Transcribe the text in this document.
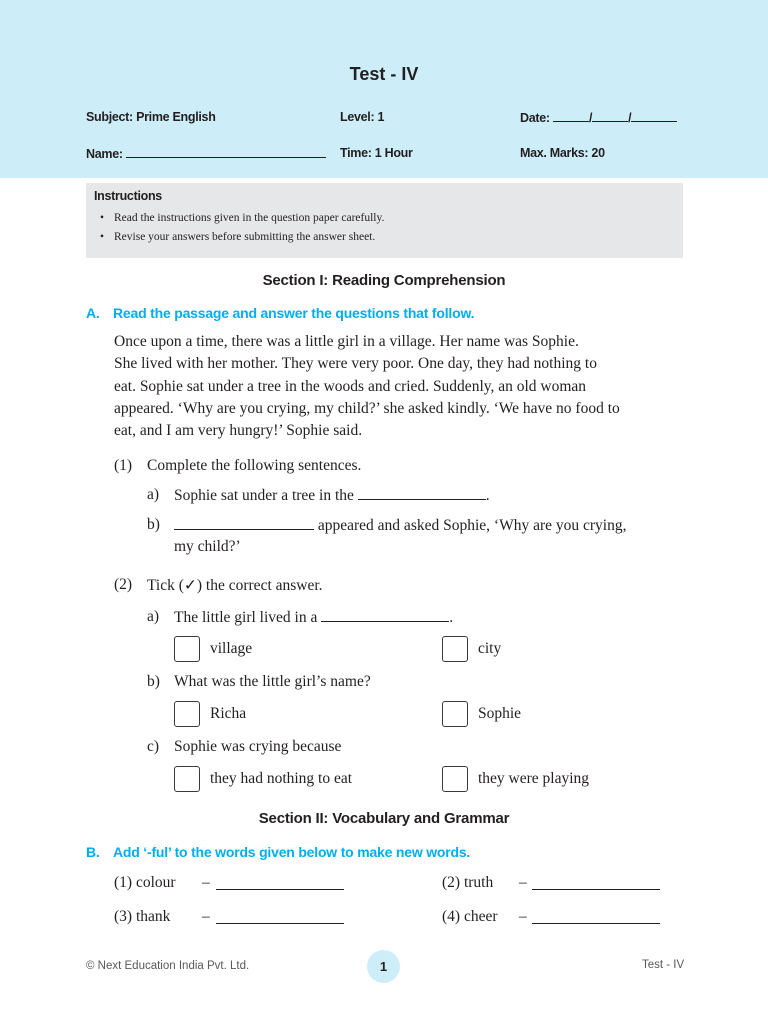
Test - IV
Subject: Prime English	Level: 1	Date:	/	/
Name:	Time: 1 Hour	Max. Marks: 20
Instructions
• Read the instructions given in the question paper carefully.
• Revise your answers before submitting the answer sheet.
Section I: Reading Comprehension
A. Read the passage and answer the questions that follow.
Once upon a time, there was a little girl in a village. Her name was Sophie.
She lived with her mother. They were very poor. One day, they had nothing to
eat. Sophie sat under a tree in the woods and cried. Suddenly, an old woman
appeared. ‘Why are you crying, my child?’ she asked kindly. ‘We have no food to
eat, and I am very hungry!’ Sophie said.
(1) Complete the following sentences.
a) Sophie sat under a tree in the	.
b)	appeared and asked Sophie, ‘Why are you crying,
my child?’
(2) Tick (✓) the correct answer.
a) The little girl lived in a	.
village	city
b) What was the little girl’s name?
Richa	Sophie
c) Sophie was crying because
they had nothing to eat	they were playing
Section II: Vocabulary and Grammar
B. Add ‘-ful’ to the words given below to make new words.
(1) colour –	(2) truth –
(3) thank –	(4) cheer –
© Next Education India Pvt. Ltd.	1	Test - IV
